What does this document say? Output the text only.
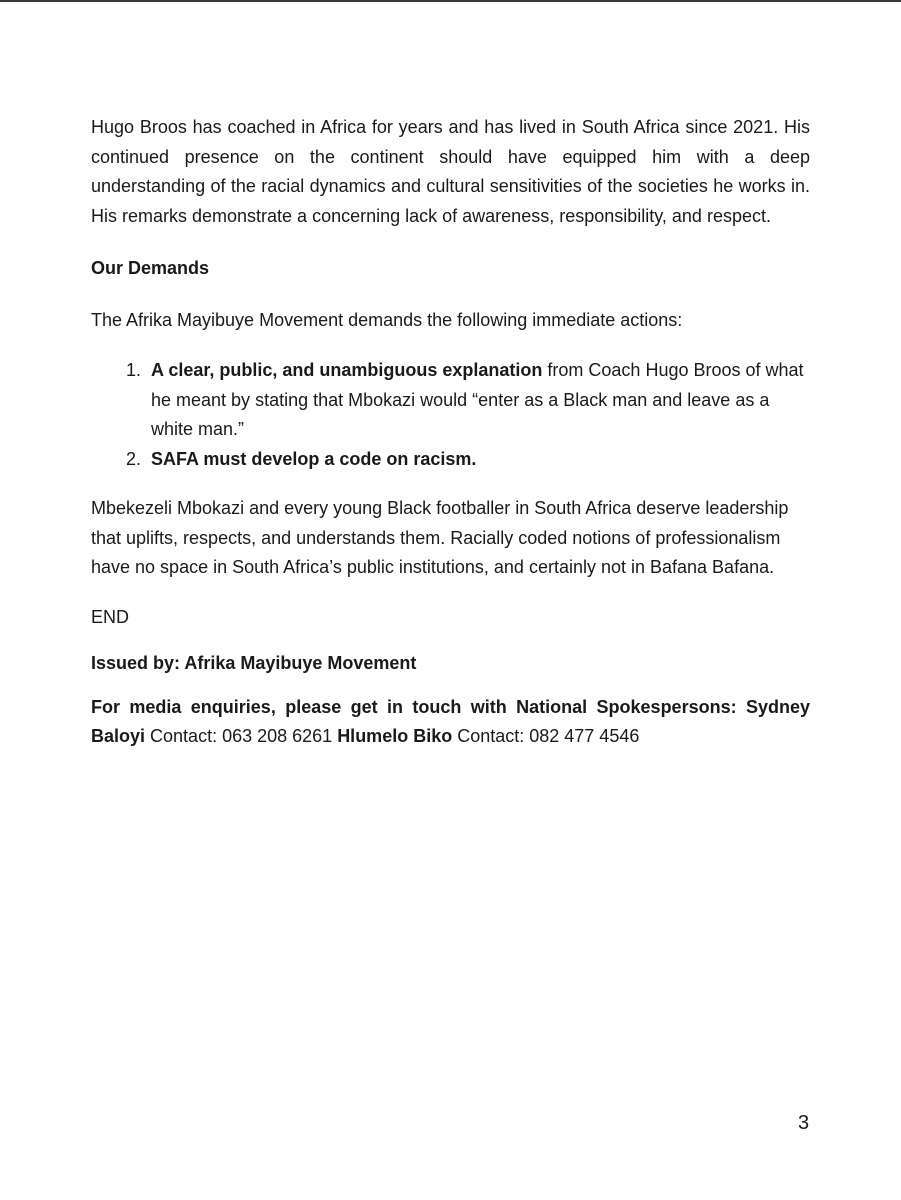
Hugo Broos has coached in Africa for years and has lived in South Africa since 2021. His continued presence on the continent should have equipped him with a deep understanding of the racial dynamics and cultural sensitivities of the societies he works in. His remarks demonstrate a concerning lack of awareness, responsibility, and respect.

Our Demands

The Afrika Mayibuye Movement demands the following immediate actions:

1. A clear, public, and unambiguous explanation from Coach Hugo Broos of what he meant by stating that Mbokazi would “enter as a Black man and leave as a white man.”
2. SAFA must develop a code on racism.

Mbekezeli Mbokazi and every young Black footballer in South Africa deserve leadership that uplifts, respects, and understands them. Racially coded notions of professionalism have no space in South Africa’s public institutions, and certainly not in Bafana Bafana.

END

Issued by: Afrika Mayibuye Movement

For media enquiries, please get in touch with National Spokespersons: Sydney Baloyi Contact: 063 208 6261 Hlumelo Biko Contact: 082 477 4546

3
